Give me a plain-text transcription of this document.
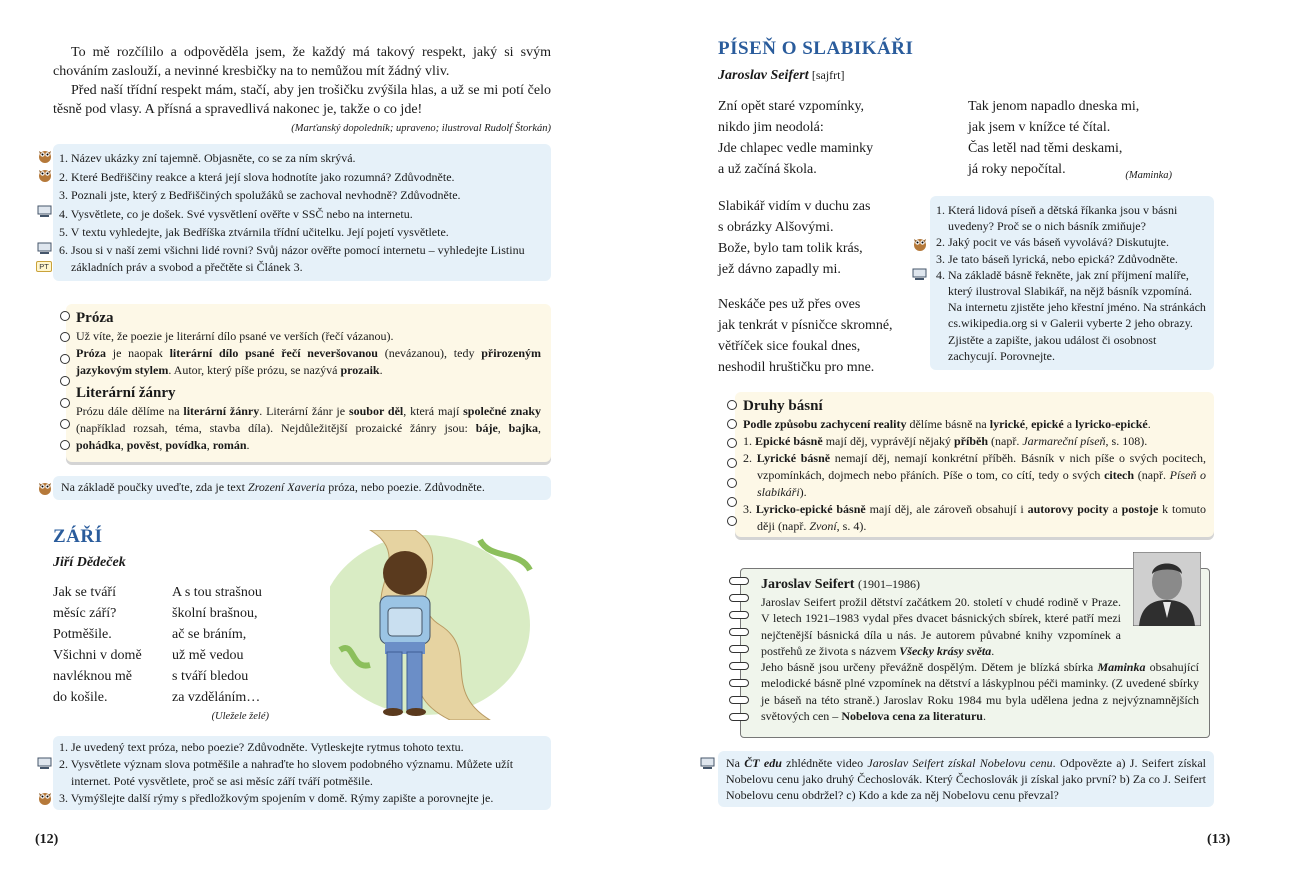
To mě rozčílilo a odpověděla jsem, že každý má takový respekt, jaký si svým chováním zaslouží, a nevinné kresbičky na to nemůžou mít žádný vliv.

Před naší třídní respekt mám, stačí, aby jen trošičku zvýšila hlas, a už se mi potí čelo těsně pod vlasy. A přísná a spravedlivá nakonec je, takže o co jde!

(Marťanský dopoledník; upraveno; ilustroval Rudolf Štorkán)
1. Název ukázky zní tajemně. Objasněte, co se za ním skrývá.
2. Které Bedřiščiny reakce a která její slova hodnotíte jako rozumná? Zdůvodněte.
3. Poznali jste, který z Bedřiščiných spolužáků se zachoval nevhodně? Zdůvodněte.
4. Vysvětlete, co je došek. Své vysvětlení ověřte v SSČ nebo na internetu.
5. V textu vyhledejte, jak Bedříška ztvárnila třídní učitelku. Její pojetí vysvětlete.
6. Jsou si v naší zemi všichni lidé rovni? Svůj názor ověřte pomocí internetu – vyhledejte Listinu základních práv a svobod a přečtěte si Článek 3.
PT
Próza
Už víte, že poezie je literární dílo psané ve verších (řečí vázanou).
Próza je naopak literární dílo psané řečí neveršovanou (nevázanou), tedy přirozeným jazykovým stylem. Autor, který píše prózu, se nazývá prozaik.
Literární žánry
Prózu dále dělíme na literární žánry. Literární žánr je soubor děl, která mají společné znaky (například rozsah, téma, stavba díla). Nejdůležitější prozaické žánry jsou: báje, bajka, pohádka, pověst, povídka, román.
Na základě poučky uveďte, zda je text Zrození Xaveria próza, nebo poezie. Zdůvodněte.
ZÁŘÍ
Jiří Dědeček
Jak se tváří
měsíc září?
Potměšile.
Všichni v domě
navléknou mě
do košile.
A s tou strašnou
školní brašnou,
ač se bráním,
už mě vedou
s tváří bledou
za vzděláním…
(Uležele želé)
1. Je uvedený text próza, nebo poezie? Zdůvodněte. Vytleskejte rytmus tohoto textu.
2. Vysvětlete význam slova potměšile a nahraďte ho slovem podobného významu. Můžete užít internet. Poté vysvětlete, proč se asi měsíc září tváří potměšile.
3. Vymýšlejte další rýmy s předložkovým spojením v domě. Rýmy zapište a porovnejte je.
(12)
PÍSEŇ O SLABIKÁŘI
Jaroslav Seifert [sajfrt]
Zní opět staré vzpomínky,
nikdo jim neodolá:
Jde chlapec vedle maminky
a už začíná škola.
Slabikář vidím v duchu zas
s obrázky Alšovými.
Bože, bylo tam tolik krás,
jež dávno zapadly mi.
Neskáče pes už přes oves
jak tenkrát v písničce skromné,
větříček sice foukal dnes,
neshodil hruštičku pro mne.
Tak jenom napadlo dneska mi,
jak jsem v knížce té čítal.
Čas letěl nad těmi deskami,
já roky nepočítal.	(Maminka)
1. Která lidová píseň a dětská říkanka jsou v básni uvedeny? Proč se o nich básník zmiňuje?
2. Jaký pocit ve vás báseň vyvolává? Diskutujte.
3. Je tato báseň lyrická, nebo epická? Zdůvodněte.
4. Na základě básně řekněte, jak zní příjmení malíře, který ilustroval Slabikář, na nějž básník vzpomíná. Na internetu zjistěte jeho křestní jméno. Na stránkách cs.wikipedia.org si v Galerii vyberte 2 jeho obrazy. Zjistěte a zapište, jakou událost či osobnost zachycují. Porovnejte.
Druhy básní
Podle způsobu zachycení reality dělíme básně na lyrické, epické a lyricko-epické.
1. Epické básně mají děj, vyprávějí nějaký příběh (např. Jarmareční píseň, s. 108).
2. Lyrické básně nemají děj, nemají konkrétní příběh. Básník v nich píše o svých pocitech, vzpomínkách, dojmech nebo přáních. Píše o tom, co cítí, tedy o svých citech (např. Píseň o slabikáři).
3. Lyricko-epické básně mají děj, ale zároveň obsahují i autorovy pocity a postoje k tomuto ději (např. Zvoní, s. 4).
Jaroslav Seifert (1901–1986)
Jaroslav Seifert prožil dětství začátkem 20. století v chudé rodině v Praze. V letech 1921–1983 vydal přes dvacet básnických sbírek, které patří mezi nejčtenější básnická díla u nás. Je autorem půvabné knihy vzpomínek a postřehů ze života s názvem Všecky krásy světa.
Jeho básně jsou určeny převážně dospělým. Dětem je blízká sbírka Maminka obsahující melodické básně plné vzpomínek na dětství a láskyplnou péči maminky. (Z uvedené sbírky je báseň na této straně.) Jaroslav Roku 1984 mu byla udělena jedna z nejvýznamnějších světových cen – Nobelova cena za literaturu.
Na ČT edu zhlédněte video Jaroslav Seifert získal Nobelovu cenu. Odpovězte a) J. Seifert získal Nobelovu cenu jako druhý Čechoslovák. Který Čechoslovák ji získal jako první? b) Za co J. Seifert Nobelovu cenu obdržel? c) Kdo a kde za něj Nobelovu cenu převzal?
(13)
